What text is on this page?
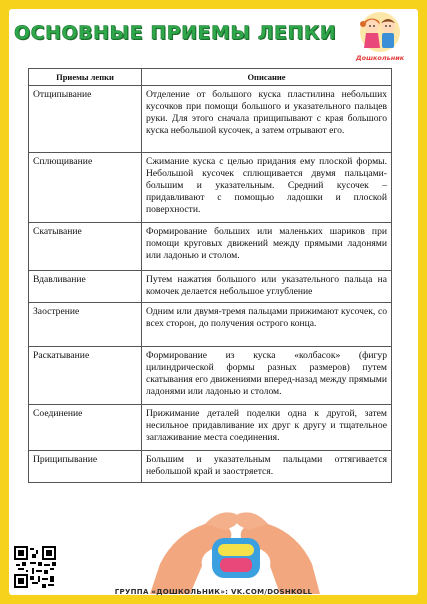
ОСНОВНЫЕ ПРИЕМЫ ЛЕПКИ
Дошкольник
Приемы лепки	Описание
Отщипывание	Отделение от большого куска пластилина небольших кусочков при помощи большого и указательного пальцев руки. Для этого сначала прищипывают с края большого куска небольшой кусочек, а затем отрывают его.
Сплющивание	Сжимание куска с целью придания ему плоской формы. Небольшой кусочек сплющивается двумя пальцами- большим и указательным. Средний кусочек – придавливают с помощью ладошки и плоской поверхности.
Скатывание	Формирование больших или маленьких шариков при помощи круговых движений между прямыми ладонями или ладонью и столом.
Вдавливание	Путем нажатия большого или указательного пальца на комочек делается небольшое углубление
Заострение	Одним или двумя-тремя пальцами прижимают кусочек, со всех сторон, до получения острого конца.
Раскатывание	Формирование из куска «колбасок» (фигур цилиндрической формы разных размеров) путем скатывания его движениями вперед-назад между прямыми ладонями или ладонью и столом.
Соединение	Прижимание деталей поделки одна к другой, затем несильное придавливание их друг к другу и тщательное заглаживание места соединения.
Прищипывание	Большим и указательным пальцами оттягивается небольшой край и заостряется.
ГРУППА «ДОШКОЛЬНИК»: VK.COM/DOSHKOLL
